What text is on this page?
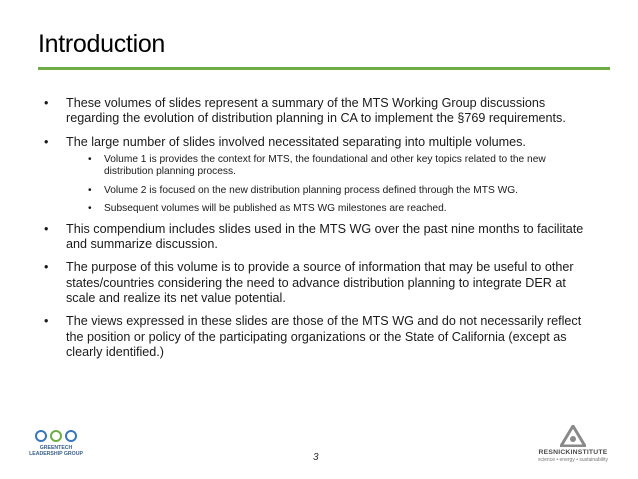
Introduction
• These volumes of slides represent a summary of the MTS Working Group discussions regarding the evolution of distribution planning in CA to implement the §769 requirements.
• The large number of slides involved necessitated separating into multiple volumes.
• Volume 1 is provides the context for MTS, the foundational and other key topics related to the new distribution planning process.
• Volume 2 is focused on the new distribution planning process defined through the MTS WG.
• Subsequent volumes will be published as MTS WG milestones are reached.
• This compendium includes slides used in the MTS WG over the past nine months to facilitate and summarize discussion.
• The purpose of this volume is to provide a source of information that may be useful to other states/countries considering the need to advance distribution planning to integrate DER at scale and realize its net value potential.
• The views expressed in these slides are those of the MTS WG and do not necessarily reflect the position or policy of the participating organizations or the State of California (except as clearly identified.)
GREENTECH
LEADERSHIP GROUP	3	RESNICKINSTITUTE
science • energy • sustainability
